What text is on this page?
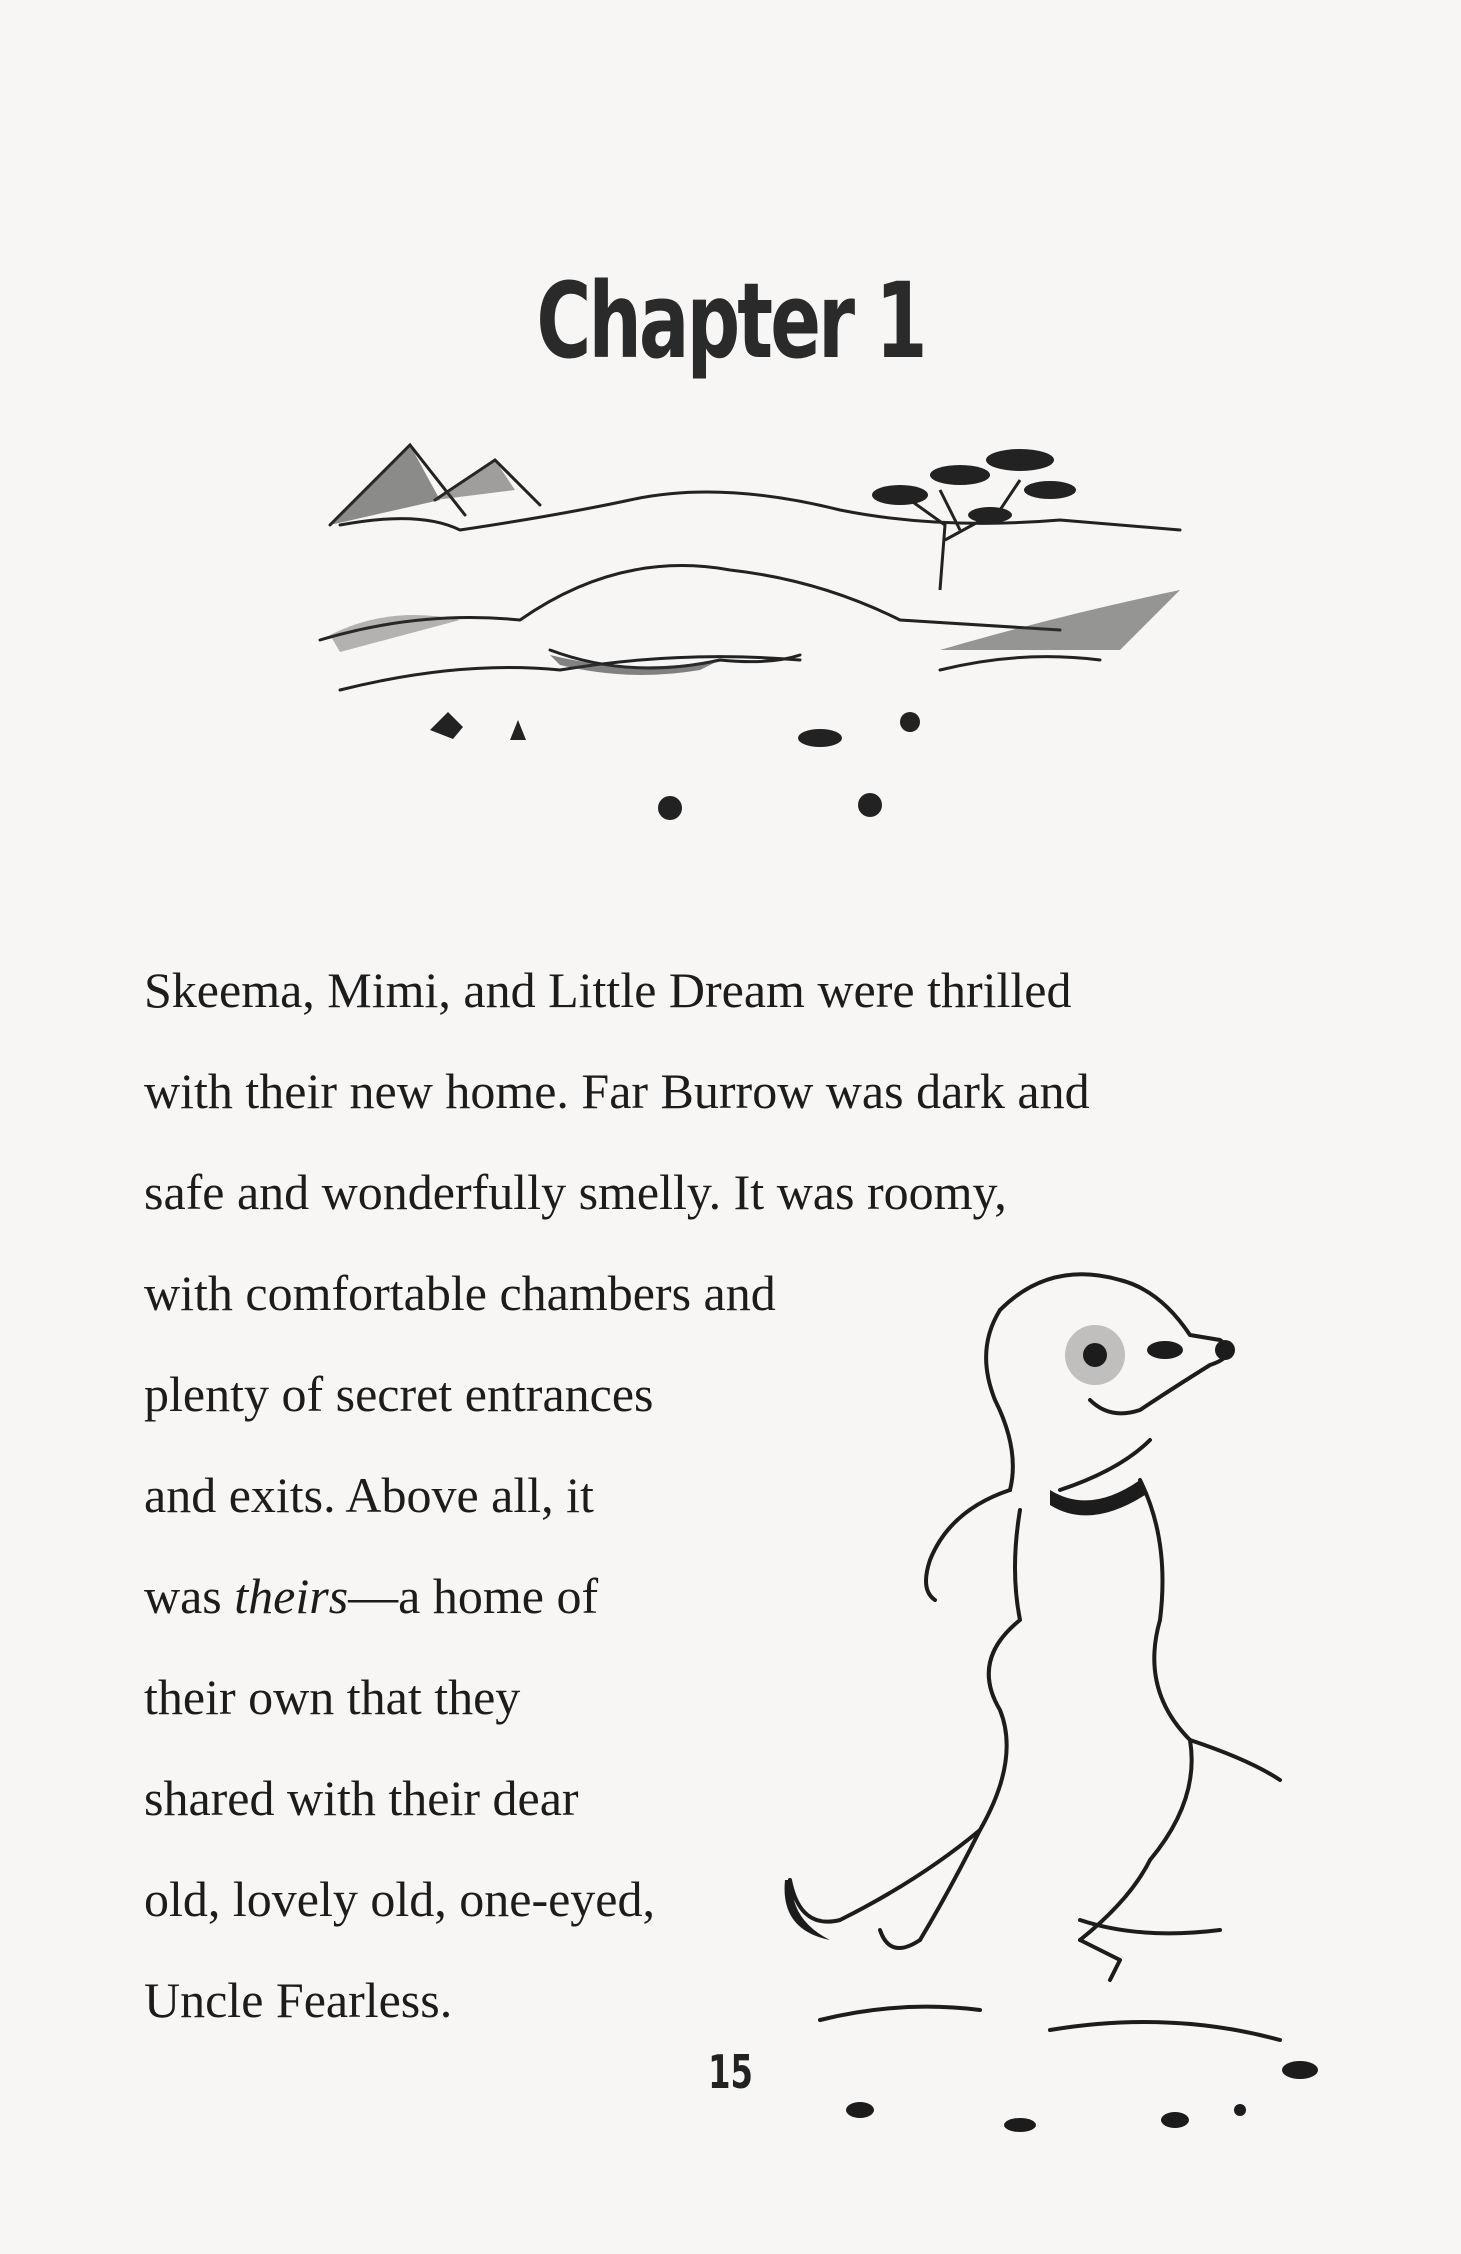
Chapter 1
Skeema, Mimi, and Little Dream were thrilled
with their new home. Far Burrow was dark and
safe and wonderfully smelly. It was roomy,
with comfortable chambers and
plenty of secret entrances
and exits. Above all, it
was theirs—a home of
their own that they
shared with their dear
old, lovely old, one-eyed,
Uncle Fearless.
15
